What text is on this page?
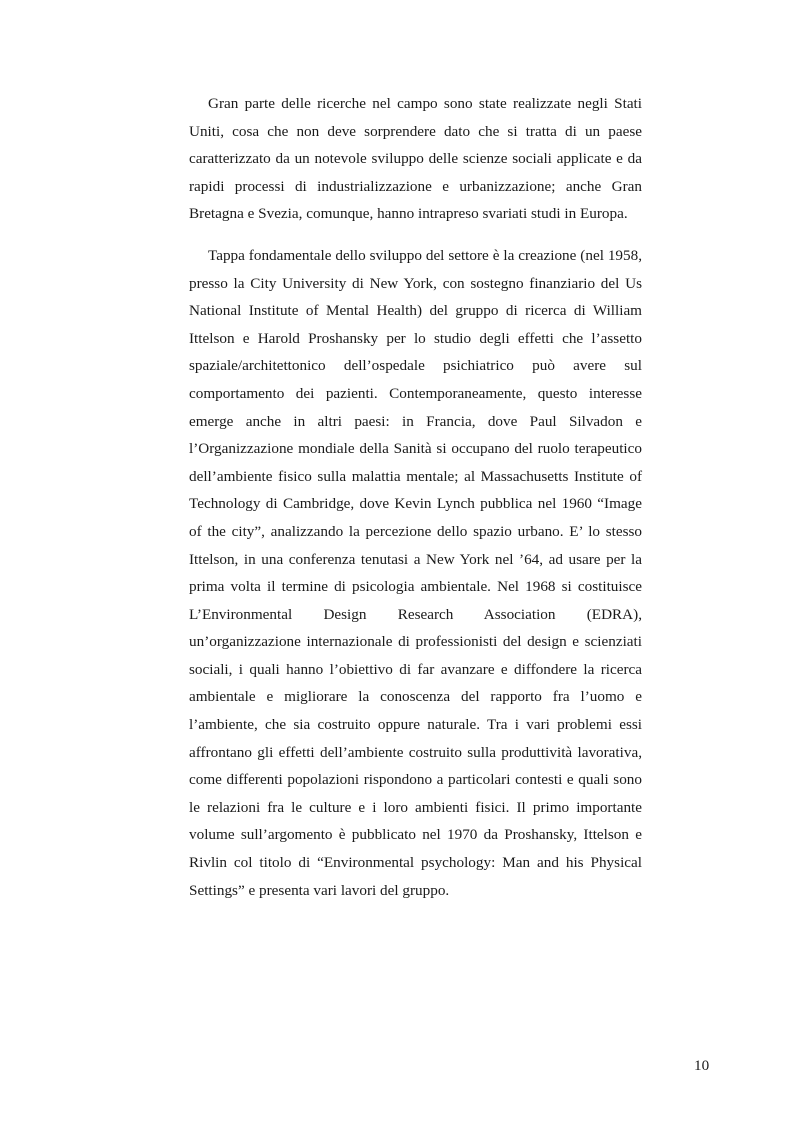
Gran parte delle ricerche nel campo sono state realizzate negli Stati Uniti, cosa che non deve sorprendere dato che si tratta di un paese caratterizzato da un notevole sviluppo delle scienze sociali applicate e da rapidi processi di industrializzazione e urbanizzazione; anche Gran Bretagna e Svezia, comunque, hanno intrapreso svariati studi in Europa.

Tappa fondamentale dello sviluppo del settore è la creazione (nel 1958, presso la City University di New York, con sostegno finanziario del Us National Institute of Mental Health) del gruppo di ricerca di William Ittelson e Harold Proshansky per lo studio degli effetti che l’assetto spaziale/architettonico dell’ospedale psichiatrico può avere sul comportamento dei pazienti. Contemporaneamente, questo interesse emerge anche in altri paesi: in Francia, dove Paul Silvadon e l’Organizzazione mondiale della Sanità si occupano del ruolo terapeutico dell’ambiente fisico sulla malattia mentale; al Massachusetts Institute of Technology di Cambridge, dove Kevin Lynch pubblica nel 1960 “Image of the city”, analizzando la percezione dello spazio urbano. E’ lo stesso Ittelson, in una conferenza tenutasi a New York nel ’64, ad usare per la prima volta il termine di psicologia ambientale. Nel 1968 si costituisce L’Environmental Design Research Association (EDRA), un’organizzazione internazionale di professionisti del design e scienziati sociali, i quali hanno l’obiettivo di far avanzare e diffondere la ricerca ambientale e migliorare la conoscenza del rapporto fra l’uomo e l’ambiente, che sia costruito oppure naturale. Tra i vari problemi essi affrontano gli effetti dell’ambiente costruito sulla produttività lavorativa, come differenti popolazioni rispondono a particolari contesti e quali sono le relazioni fra le culture e i loro ambienti fisici. Il primo importante volume sull’argomento è pubblicato nel 1970 da Proshansky, Ittelson e Rivlin col titolo di “Environmental psychology: Man and his Physical Settings” e presenta vari lavori del gruppo.

10
